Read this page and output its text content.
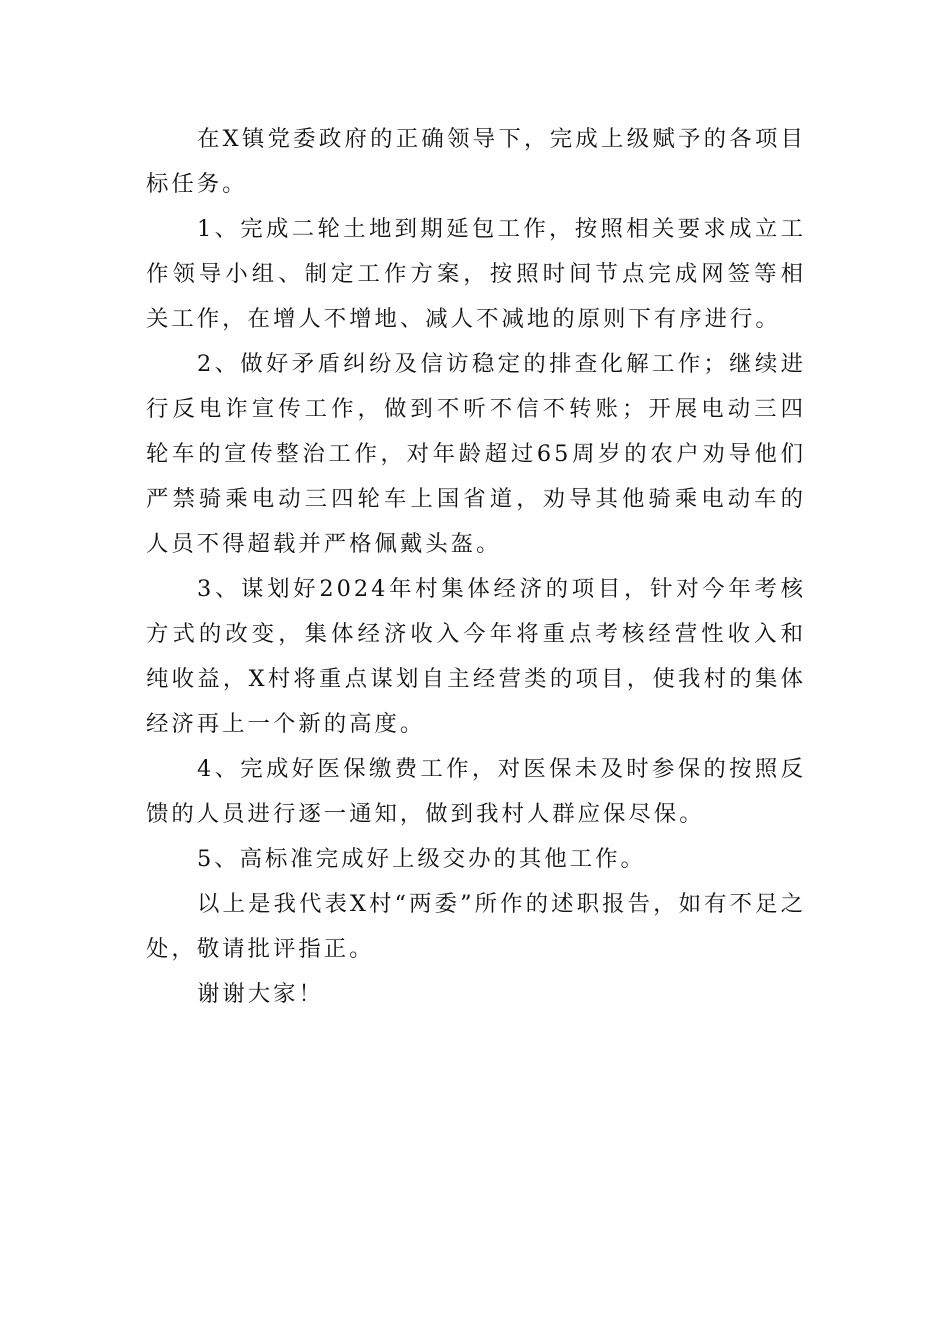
在X镇党委政府的正确领导下，完成上级赋予的各项目标任务。

1、完成二轮土地到期延包工作，按照相关要求成立工作领导小组、制定工作方案，按照时间节点完成网签等相关工作，在增人不增地、减人不减地的原则下有序进行。

2、做好矛盾纠纷及信访稳定的排查化解工作；继续进行反电诈宣传工作，做到不听不信不转账；开展电动三四轮车的宣传整治工作，对年龄超过65周岁的农户劝导他们严禁骑乘电动三四轮车上国省道，劝导其他骑乘电动车的人员不得超载并严格佩戴头盔。

3、谋划好2024年村集体经济的项目，针对今年考核方式的改变，集体经济收入今年将重点考核经营性收入和纯收益，X村将重点谋划自主经营类的项目，使我村的集体经济再上一个新的高度。

4、完成好医保缴费工作，对医保未及时参保的按照反馈的人员进行逐一通知，做到我村人群应保尽保。

5、高标准完成好上级交办的其他工作。

以上是我代表X村“两委”所作的述职报告，如有不足之处，敬请批评指正。

谢谢大家！
